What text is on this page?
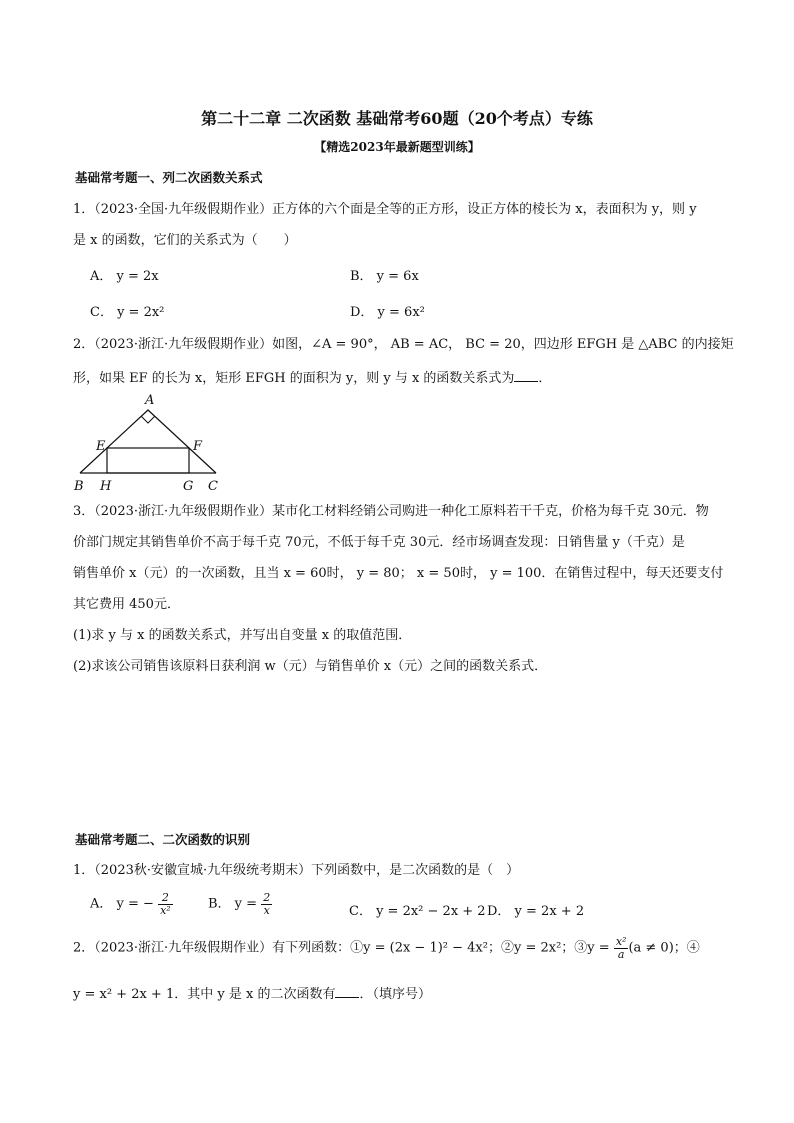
第二十二章 二次函数 基础常考60题（20个考点）专练
【精选2023年最新题型训练】
基础常考题一、列二次函数关系式
1．（2023·全国·九年级假期作业）正方体的六个面是全等的正方形，设正方体的棱长为 x，表面积为 y，则 y
是 x 的函数，它们的关系式为（　　）
A． y = 2x	B． y = 6x
C． y = 2x²	D． y = 6x²
2．（2023·浙江·九年级假期作业）如图，∠A = 90°， AB = AC， BC = 20，四边形 EFGH 是 △ABC 的内接矩
形，如果 EF 的长为 x，矩形 EFGH 的面积为 y，则 y 与 x 的函数关系式为 ．
A
E	F
B H	G C
3．（2023·浙江·九年级假期作业）某市化工材料经销公司购进一种化工原料若干千克，价格为每千克 30元．物
价部门规定其销售单价不高于每千克 70元，不低于每千克 30元．经市场调查发现：日销售量 y（千克）是
销售单价 x（元）的一次函数，且当 x = 60时， y = 80； x = 50时， y = 100．在销售过程中，每天还要支付
其它费用 450元．
(1)求 y 与 x 的函数关系式，并写出自变量 x 的取值范围．
(2)求该公司销售该原料日获利润 w（元）与销售单价 x（元）之间的函数关系式．
基础常考题二、二次函数的识别
1．（2023秋·安徽宣城·九年级统考期末）下列函数中，是二次函数的是（　）
A． y = − $\frac{2}{\text{x²}}$	B． $y = \frac{2}{x}$	C． y = 2x² − 2x + 2 D． y = 2x + 2
2．（2023·浙江·九年级假期作业）有下列函数：①y = (2x − 1)² − 4x²；②y = 2x²；③y = $\frac{\text{x²}}{a} (a \ne 0)$；④
y = x² + 2x + 1．其中 y 是 x 的二次函数有 ．（填序号）
